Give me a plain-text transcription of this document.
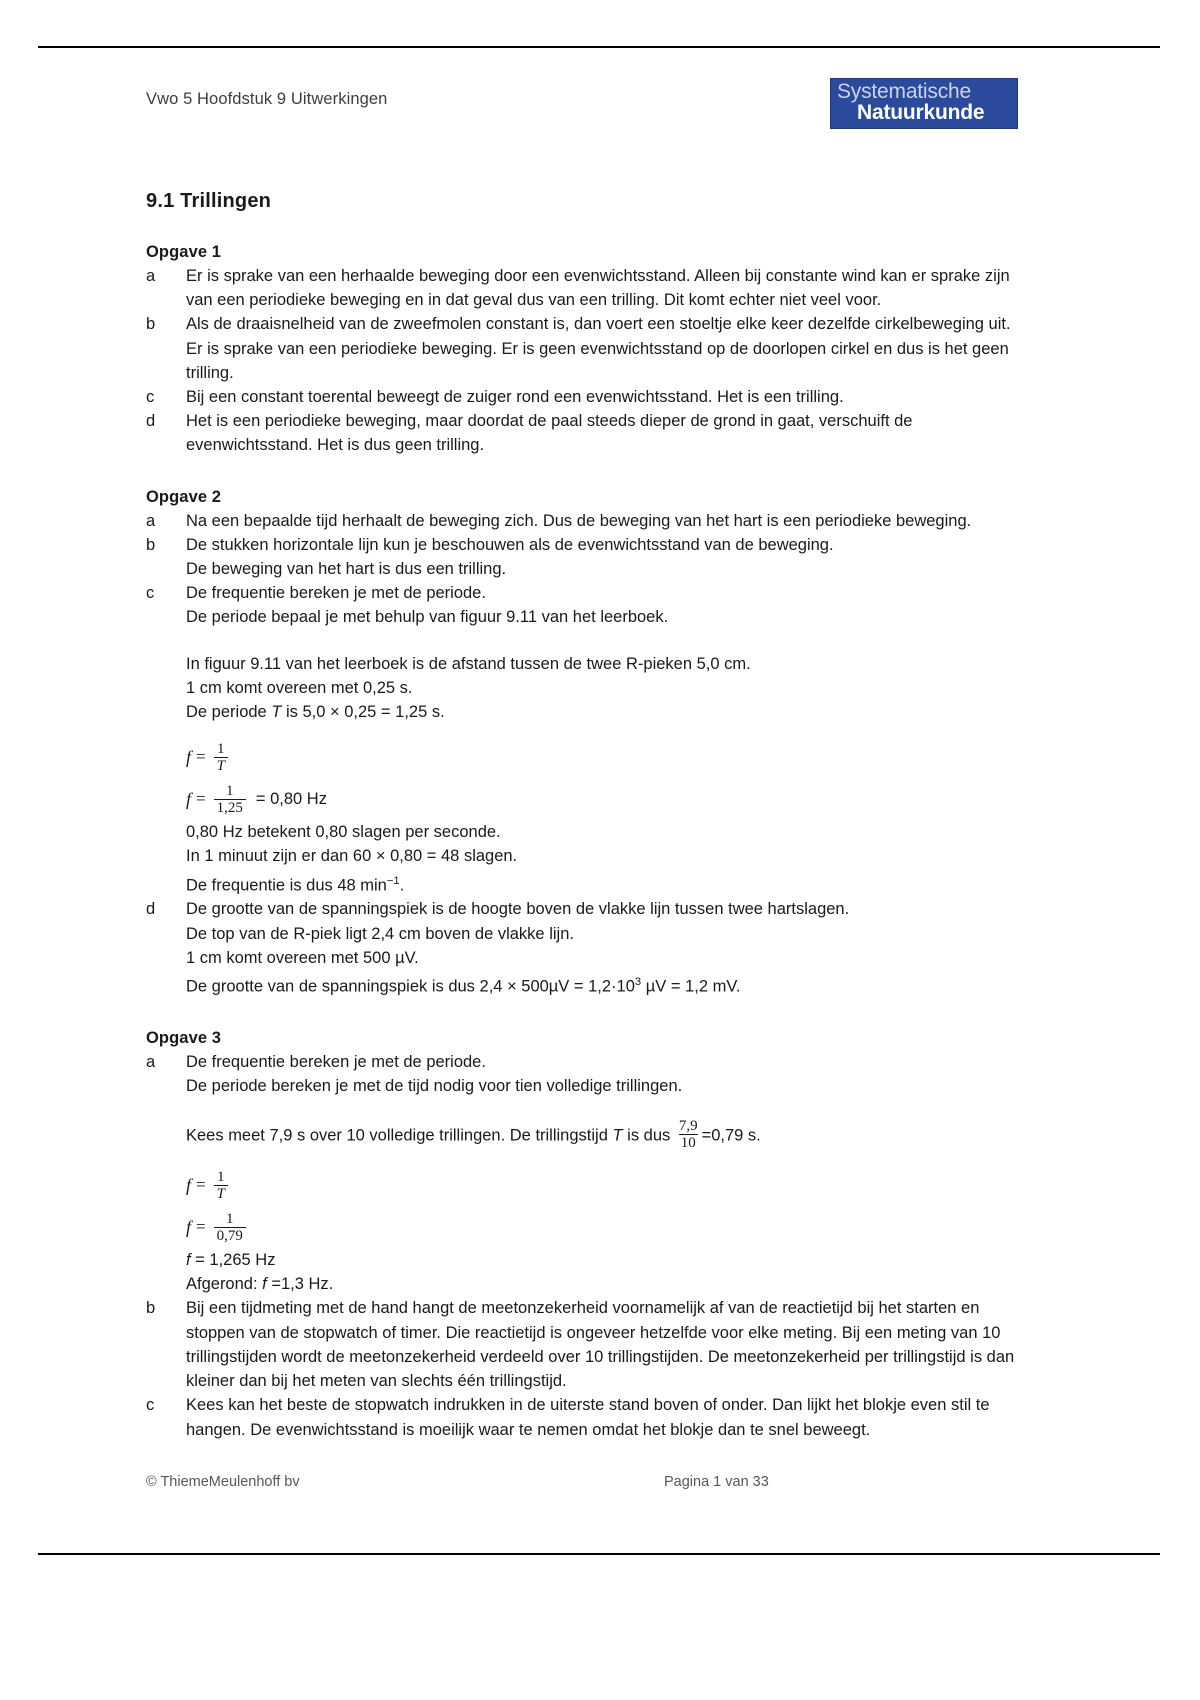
Vwo 5 Hoofdstuk 9 Uitwerkingen	Systematische
Natuurkunde
9.1 Trillingen
Opgave 1
a	Er is sprake van een herhaalde beweging door een evenwichtsstand. Alleen bij constante wind kan er sprake zijn van een periodieke beweging en in dat geval dus van een trilling. Dit komt echter niet veel voor.
b	Als de draaisnelheid van de zweefmolen constant is, dan voert een stoeltje elke keer dezelfde cirkelbeweging uit. Er is sprake van een periodieke beweging. Er is geen evenwichtsstand op de doorlopen cirkel en dus is het geen trilling.
c	Bij een constant toerental beweegt de zuiger rond een evenwichtsstand. Het is een trilling.
d	Het is een periodieke beweging, maar doordat de paal steeds dieper de grond in gaat, verschuift de evenwichtsstand. Het is dus geen trilling.
Opgave 2
a	Na een bepaalde tijd herhaalt de beweging zich. Dus de beweging van het hart is een periodieke beweging.
b	De stukken horizontale lijn kun je beschouwen als de evenwichtsstand van de beweging.

De beweging van het hart is dus een trilling.

c	De frequentie bereken je met de periode.

De periode bepaal je met behulp van figuur 9.11 van het leerboek.

In figuur 9.11 van het leerboek is de afstand tussen de twee R-pieken 5,0 cm.

1 cm komt overeen met 0,25 s.

De periode T is 5,0 × 0,25 = 1,25 s.

$f = \frac{1}{T}$
$f = \frac{1}{1,25} = 0,80$ Hz

0,80 Hz betekent 0,80 slagen per seconde.

In 1 minuut zijn er dan 60 × 0,80 = 48 slagen.

De frequentie is dus 48 $\min^{-1}$.

d	De grootte van de spanningspiek is de hoogte boven de vlakke lijn tussen twee hartslagen.

De top van de R-piek ligt 2,4 cm boven de vlakke lijn.

1 cm komt overeen met 500 µV.

De grootte van de spanningspiek is dus $2,4 \times 500\mu V = 1,2\cdot 10^3$ µV = 1,2 mV.

Opgave 3
a	De frequentie bereken je met de periode.

De periode bereken je met de tijd nodig voor tien volledige trillingen.

Kees meet 7,9 s over 10 volledige trillingen. De trillingstijd T is dus $\frac{7,9}{10} =0,79$ s.

$f = \frac{1}{T}$
$f = \frac{1}{0,79}$

f = 1,265 Hz

Afgerond: f =1,3 Hz.

b	Bij een tijdmeting met de hand hangt de meetonzekerheid voornamelijk af van de reactietijd bij het starten en stoppen van de stopwatch of timer. Die reactietijd is ongeveer hetzelfde voor elke meting. Bij een meting van 10 trillingstijden wordt de meetonzekerheid verdeeld over 10 trillingstijden. De meetonzekerheid per trillingstijd is dan kleiner dan bij het meten van slechts één trillingstijd.
c	Kees kan het beste de stopwatch indrukken in de uiterste stand boven of onder. Dan lijkt het blokje even stil te hangen. De evenwichtsstand is moeilijk waar te nemen omdat het blokje dan te snel beweegt.
© ThiemeMeulenhoff bv	Pagina 1 van 33
